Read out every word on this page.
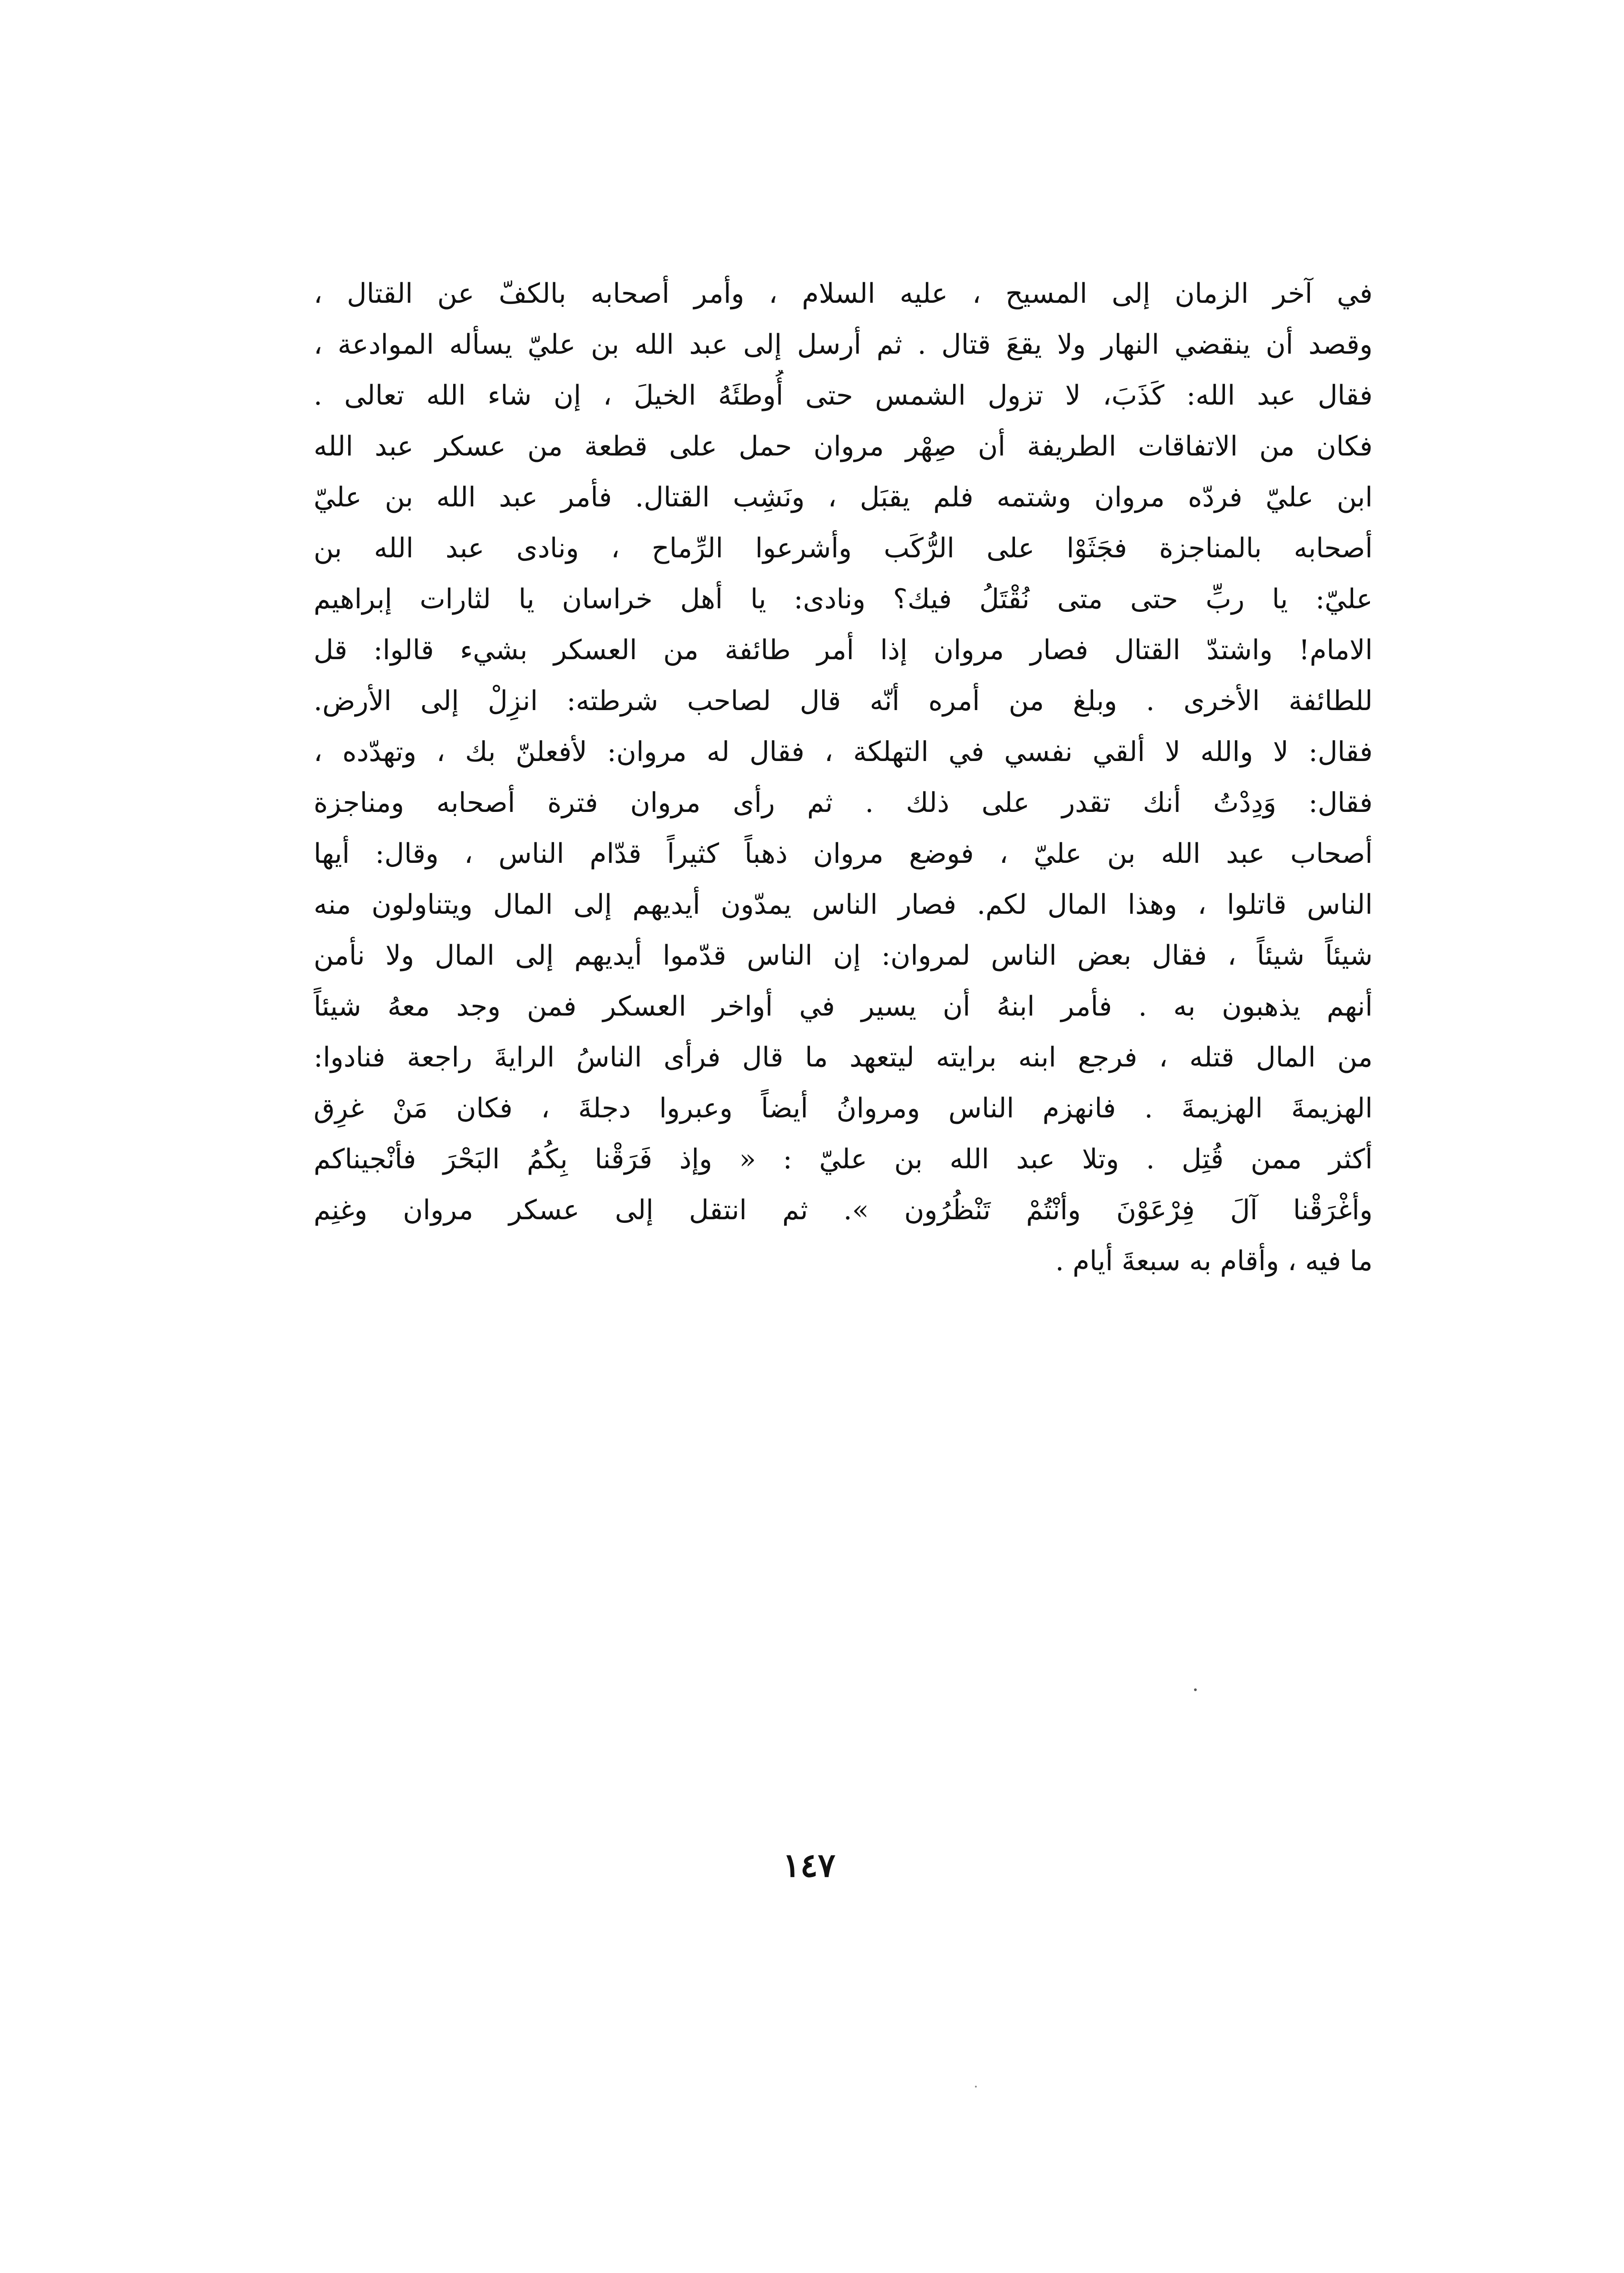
في آخر الزمان إلى المسيح ، عليه السلام ، وأمر أصحابه بالكفّ عن القتال ،
وقصد أن ينقضي النهار ولا يقعَ قتال . ثم أرسل إلى عبد الله بن عليّ يسأله الموادعة ،
فقال عبد الله: كَذَبَ، لا تزول الشمس حتى أُوطئَهُ الخيلَ ، إن شاء الله تعالى .
فكان من الاتفاقات الطريفة أن صِهْر مروان حمل على قطعة من عسكر عبد الله
ابن عليّ فردّه مروان وشتمه فلم يقبَل ، ونَشِب القتال. فأمر عبد الله بن عليّ
أصحابه بالمناجزة فجَثَوْا على الرُّكَب وأشرعوا الرِّماح ، ونادى عبد الله بن
عليّ: يا ربِّ حتى متى نُقْتَلُ فيك؟ ونادى: يا أهل خراسان يا لثارات إبراهيم
الامام! واشتدّ القتال فصار مروان إذا أمر طائفة من العسكر بشيء قالوا: قل
للطائفة الأخرى . وبلغ من أمره أنّه قال لصاحب شرطته: انزِلْ إلى الأرض.
فقال: لا والله لا ألقي نفسي في التهلكة ، فقال له مروان: لأفعلنّ بك ، وتهدّده ،
فقال: وَدِدْتُ أنك تقدر على ذلك . ثم رأى مروان فترة أصحابه ومناجزة
أصحاب عبد الله بن عليّ ، فوضع مروان ذهباً كثيراً قدّام الناس ، وقال: أيها
الناس قاتلوا ، وهذا المال لكم. فصار الناس يمدّون أيديهم إلى المال ويتناولون منه
شيئاً شيئاً ، فقال بعض الناس لمروان: إن الناس قدّموا أيديهم إلى المال ولا نأمن
أنهم يذهبون به . فأمر ابنهُ أن يسير في أواخر العسكر فمن وجد معهُ شيئاً
من المال قتله ، فرجع ابنه برايته ليتعهد ما قال فرأى الناسُ الرايةَ راجعة فنادوا:
الهزيمةَ الهزيمةَ . فانهزم الناس ومروانُ أيضاً وعبروا دجلةَ ، فكان مَنْ غرِق
أكثر ممن قُتِل . وتلا عبد الله بن عليّ : « وإذ فَرَقْنا بِكُمُ البَحْرَ فأنْجيناكم
وأغْرَقْنا آلَ فِرْعَوْنَ وأنْتُمْ تَنْظُرُون ». ثم انتقل إلى عسكر مروان وغنِم
ما فيه ، وأقام به سبعةَ أيام .
١٤٧
